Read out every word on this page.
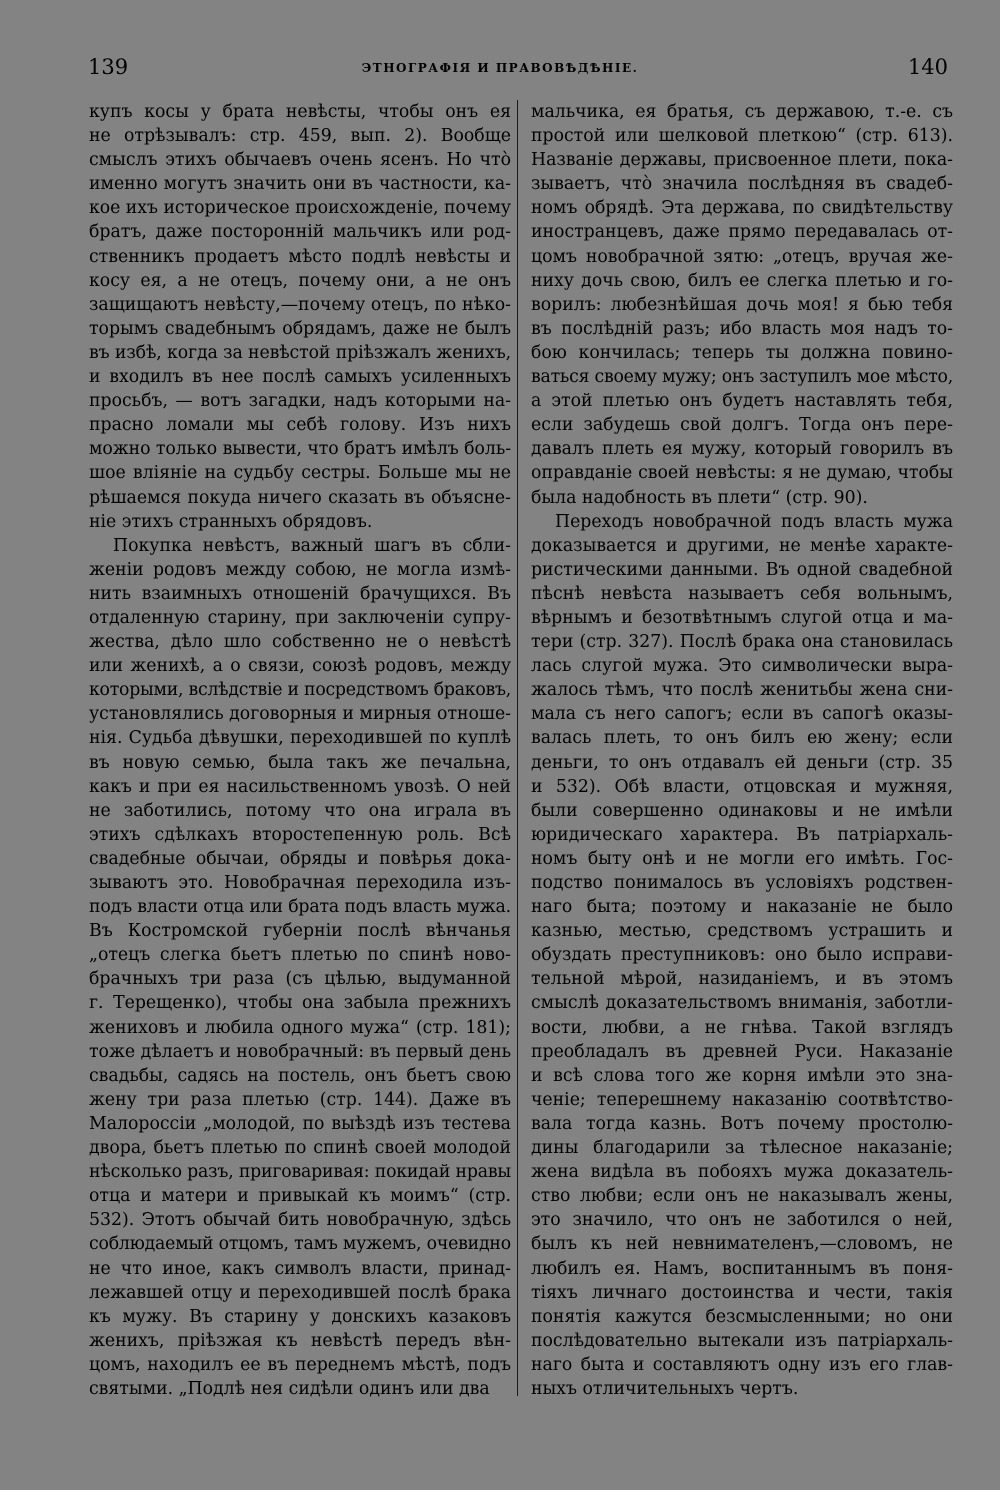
139	ЭТНОГРАФIЯ И ПРАВОВѢДѢНІЕ.	140
купъ косы у брата невѣсты, чтобы онъ ея
не отрѣзывалъ: стр. 459, вып. 2). Вообще
смыслъ этихъ обычаевъ очень ясенъ. Но что̀
именно могутъ значить они въ частности, ка-
кое ихъ историческое происхожденіе, почему
братъ, даже посторонній мальчикъ или род-
ственникъ продаетъ мѣсто подлѣ невѣсты и
косу ея, а не отецъ, почему они, а не онъ
защищаютъ невѣсту,—почему отецъ, по нѣко-
торымъ свадебнымъ обрядамъ, даже не былъ
въ избѣ, когда за невѣстой пріѣзжалъ женихъ,
и входилъ въ нее послѣ самыхъ усиленныхъ
просьбъ, — вотъ загадки, надъ которыми на-
прасно ломали мы себѣ голову. Изъ нихъ
можно только вывести, что братъ имѣлъ боль-
шое вліяніе на судьбу сестры. Больше мы не
рѣшаемся покуда ничего сказать въ объясне-
ніе этихъ странныхъ обрядовъ.
Покупка невѣстъ, важный шагъ въ сбли-
женіи родовъ между собою, не могла измѣ-
нить взаимныхъ отношеній брачущихся. Въ
отдаленную старину, при заключеніи супру-
жества, дѣло шло собственно не о невѣстѣ
или женихѣ, а о связи, союзѣ родовъ, между
которыми, вслѣдствіе и посредствомъ браковъ,
установлялись договорныя и мирныя отноше-
нія. Судьба дѣвушки, переходившей по куплѣ
въ новую семью, была такъ же печальна,
какъ и при ея насильственномъ увозѣ. О ней
не заботились, потому что она играла въ
этихъ сдѣлкахъ второстепенную роль. Всѣ
свадебные обычаи, обряды и повѣрья дока-
зываютъ это. Новобрачная переходила изъ-
подъ власти отца или брата подъ власть мужа.
Въ Костромской губерніи послѣ вѣнчанья
„отецъ слегка бьетъ плетью по спинѣ ново-
брачныхъ три раза (съ цѣлью, выдуманной
г. Терещенко), чтобы она забыла прежнихъ
жениховъ и любила одного мужа“ (стр. 181);
тоже дѣлаетъ и новобрачный: въ первый день
свадьбы, садясь на постель, онъ бьетъ свою
жену три раза плетью (стр. 144). Даже въ
Малороссіи „молодой, по выѣздѣ изъ тестева
двора, бьетъ плетью по спинѣ своей молодой
нѣсколько разъ, приговаривая: покидай нравы
отца и матери и привыкай къ моимъ“ (стр.
532). Этотъ обычай бить новобрачную, здѣсь
соблюдаемый отцомъ, тамъ мужемъ, очевидно
не что иное, какъ символъ власти, принад-
лежавшей отцу и переходившей послѣ брака
къ мужу. Въ старину у донскихъ казаковъ
женихъ, пріѣзжая къ невѣстѣ передъ вѣн-
цомъ, находилъ ее въ переднемъ мѣстѣ, подъ
святыми. „Подлѣ нея сидѣли одинъ или два
мальчика, ея братья, съ державою, т.-е. съ
простой или шелковой плеткою“ (стр. 613).
Названіе державы, присвоенное плети, пока-
зываетъ, что̀ значила послѣдняя въ свадеб-
номъ обрядѣ. Эта держава, по свидѣтельству
иностранцевъ, даже прямо передавалась от-
цомъ новобрачной зятю: „отецъ, вручая же-
ниху дочь свою, билъ ее слегка плетью и го-
ворилъ: любезнѣйшая дочь моя! я бью тебя
въ послѣдній разъ; ибо власть моя надъ то-
бою кончилась; теперь ты должна повино-
ваться своему мужу; онъ заступилъ мое мѣсто,
а этой плетью онъ будетъ наставлять тебя,
если забудешь свой долгъ. Тогда онъ пере-
давалъ плеть ея мужу, который говорилъ въ
оправданіе своей невѣсты: я не думаю, чтобы
была надобность въ плети“ (стр. 90).
Переходъ новобрачной подъ власть мужа
доказывается и другими, не менѣе характе-
ристическими данными. Въ одной свадебной
пѣснѣ невѣста называетъ себя вольнымъ,
вѣрнымъ и безотвѣтнымъ слугой отца и ма-
тери (стр. 327). Послѣ брака она становилась
лась слугой мужа. Это символически выра-
жалось тѣмъ, что послѣ женитьбы жена сни-
мала съ него сапогъ; если въ сапогѣ оказы-
валась плеть, то онъ билъ ею жену; если
деньги, то онъ отдавалъ ей деньги (стр. 35
и 532). Обѣ власти, отцовская и мужняя,
были совершенно одинаковы и не имѣли
юридическаго характера. Въ патріархаль-
номъ быту онѣ и не могли его имѣть. Гос-
подство понималось въ условіяхъ родствен-
наго быта; поэтому и наказаніе не было
казнью, местью, средствомъ устрашить и
обуздать преступниковъ: оно было исправи-
тельной мѣрой, назиданіемъ, и въ этомъ
смыслѣ доказательствомъ вниманія, заботли-
вости, любви, а не гнѣва. Такой взглядъ
преобладалъ въ древней Руси. Наказаніе
и всѣ слова того же корня имѣли это зна-
ченіе; теперешнему наказанію соотвѣтство-
вала тогда казнь. Вотъ почему простолю-
дины благодарили за тѣлесное наказаніе;
жена видѣла въ побояхъ мужа доказатель-
ство любви; если онъ не наказывалъ жены,
это значило, что онъ не заботился о ней,
былъ къ ней невнимателенъ,—словомъ, не
любилъ ея. Намъ, воспитаннымъ въ поня-
тіяхъ личнаго достоинства и чести, такія
понятія кажутся безсмысленными; но они
послѣдовательно вытекали изъ патріархаль-
наго быта и составляютъ одну изъ его глав-
ныхъ отличительныхъ чертъ.
